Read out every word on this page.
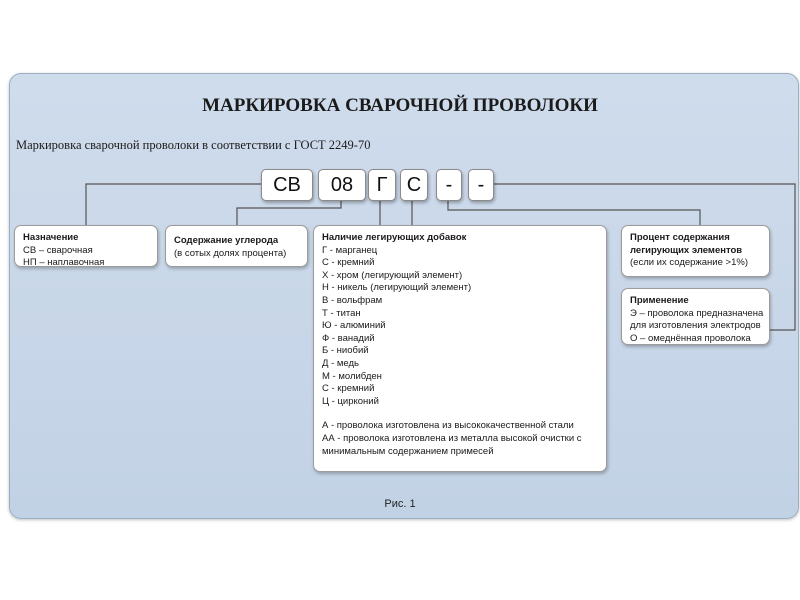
МАРКИРОВКА СВАРОЧНОЙ ПРОВОЛОКИ
Маркировка сварочной проволоки в соответствии с ГОСТ 2249-70
СВ	08	Г С	-	-
Назначение
СВ – сварочная
НП – наплавочная
Содержание углерода
(в сотых долях процента)
Наличие легирующих добавок
Г - марганец
С - кремний
Х - хром (легирующий элемент)
Н - никель (легирующий элемент)
В - вольфрам
Т - титан
Ю - алюминий
Ф - ванадий
Б - ниобий
Д - медь
М - молибден
С - кремний
Ц - цирконий
А - проволока изготовлена из высококачественной стали
АА - проволока изготовлена из металла высокой очистки с
минимальным содержанием примесей
Процент содержания
легирующих элементов
(если их содержание >1%)
Применение
Э – проволока предназначена
для изготовления электродов
О – омеднённая проволока
Рис. 1
